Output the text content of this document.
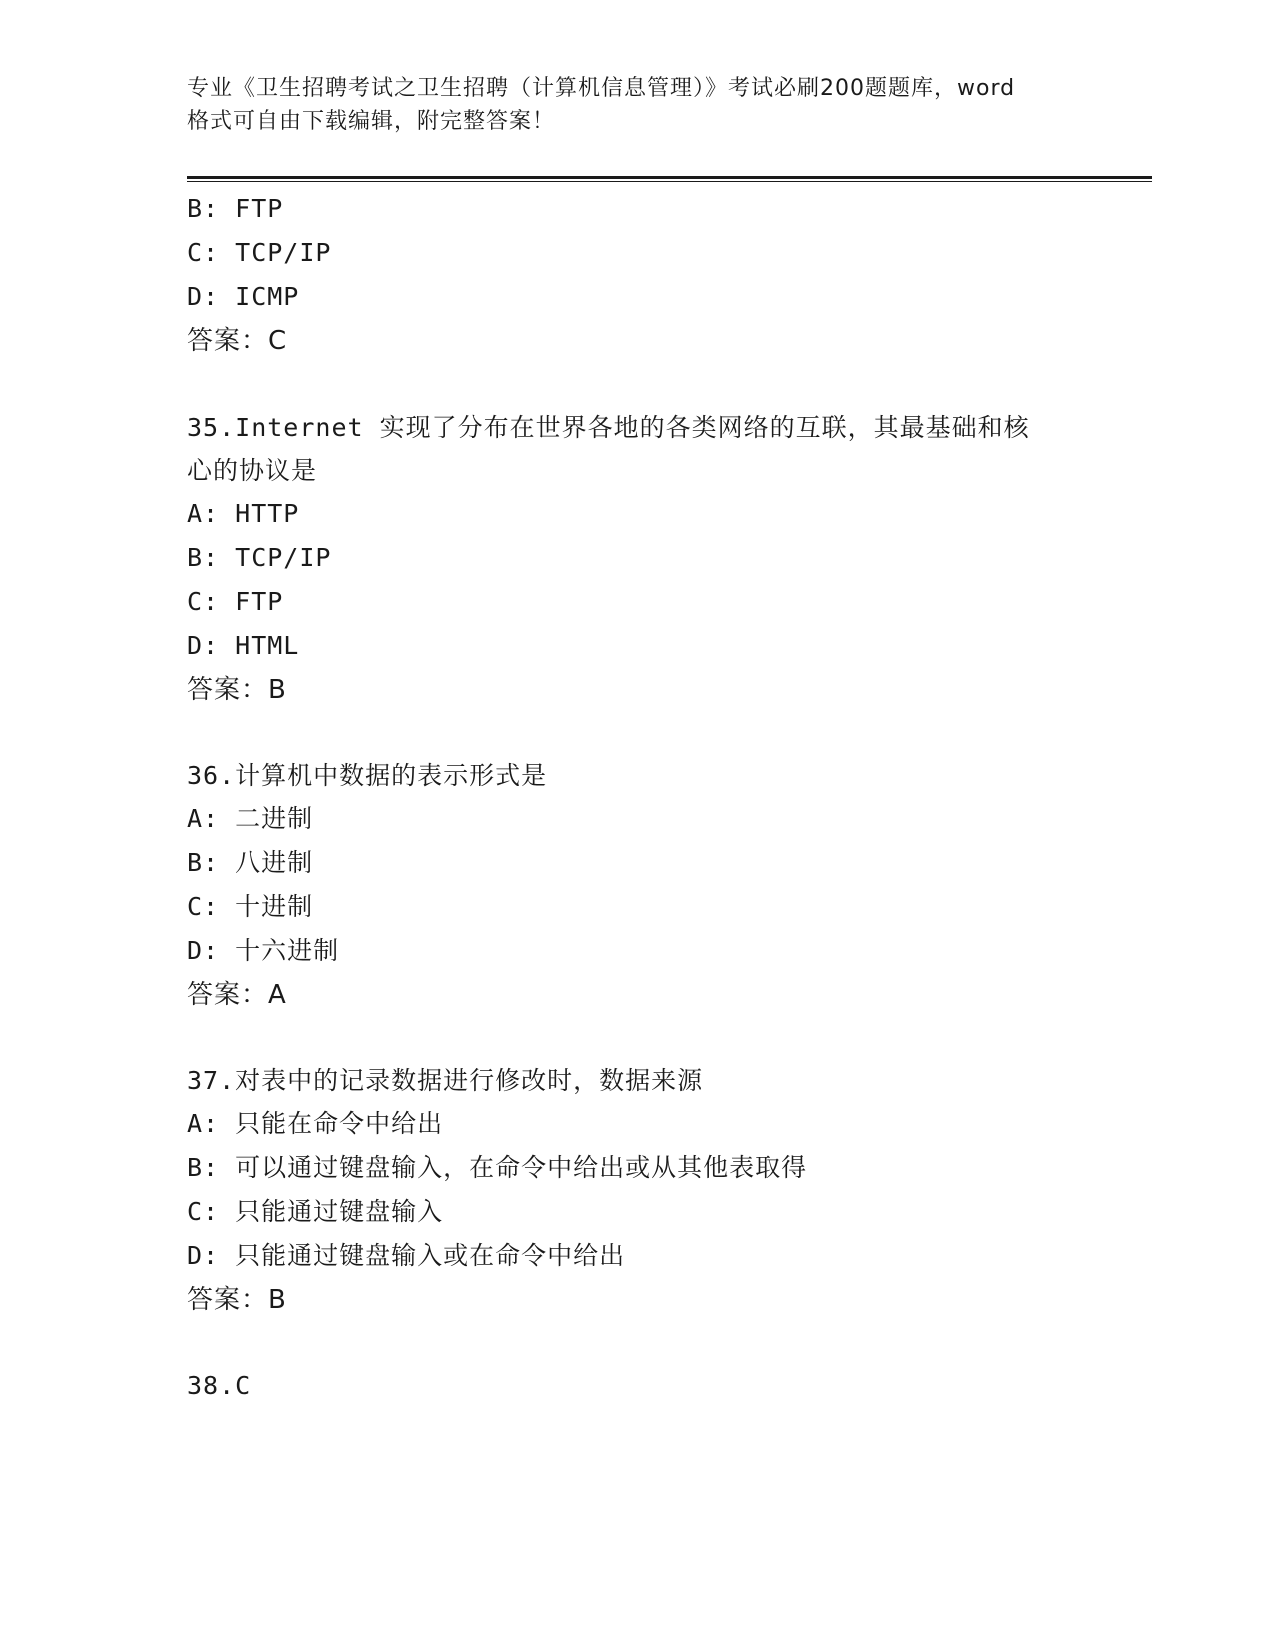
专业《卫生招聘考试之卫生招聘（计算机信息管理）》考试必刷200题题库，word
格式可自由下载编辑，附完整答案！
B: FTP
C: TCP/IP
D: ICMP
答案：C
35.Internet 实现了分布在世界各地的各类网络的互联，其最基础和核
心的协议是
A: HTTP
B: TCP/IP
C: FTP
D: HTML
答案：B
36.计算机中数据的表示形式是
A: 二进制
B: 八进制
C: 十进制
D: 十六进制
答案：A
37.对表中的记录数据进行修改时，数据来源
A: 只能在命令中给出
B: 可以通过键盘输入，在命令中给出或从其他表取得
C: 只能通过键盘输入
D: 只能通过键盘输入或在命令中给出
答案：B
38.C
